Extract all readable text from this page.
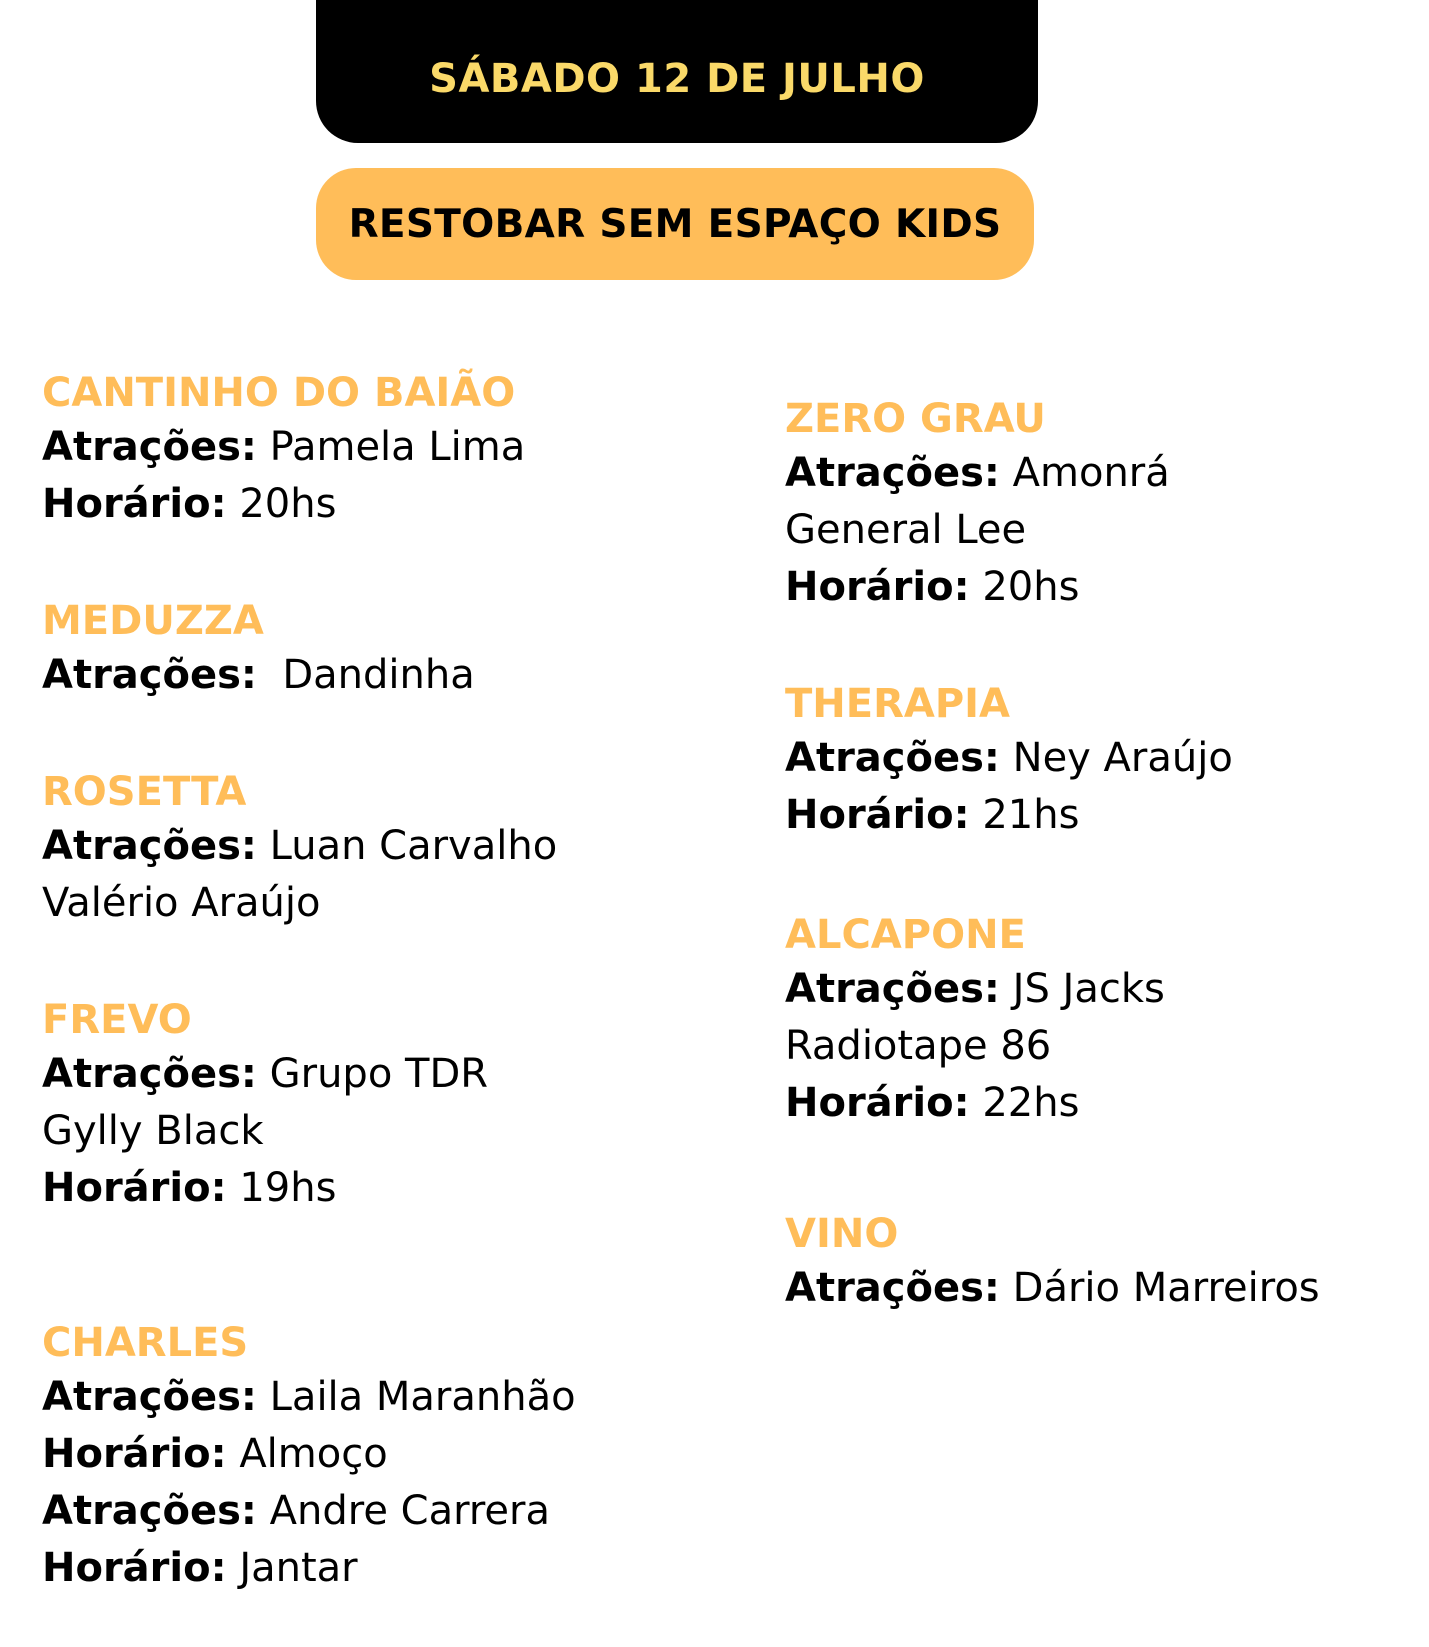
SÁBADO 12 DE JULHO
RESTOBAR SEM ESPAÇO KIDS
CANTINHO DO BAIÃO
Atrações: Pamela Lima
Horário: 20hs
MEDUZZA
Atrações: Dandinha
ROSETTA
Atrações: Luan Carvalho
Valério Araújo
FREVO
Atrações: Grupo TDR
Gylly Black
Horário: 19hs
CHARLES
Atrações: Laila Maranhão
Horário: Almoço
Atrações: Andre Carrera
Horário: Jantar
ZERO GRAU
Atrações: Amonrá
General Lee
Horário: 20hs
THERAPIA
Atrações: Ney Araújo
Horário: 21hs
ALCAPONE
Atrações: JS Jacks
Radiotape 86
Horário: 22hs
VINO
Atrações: Dário Marreiros
